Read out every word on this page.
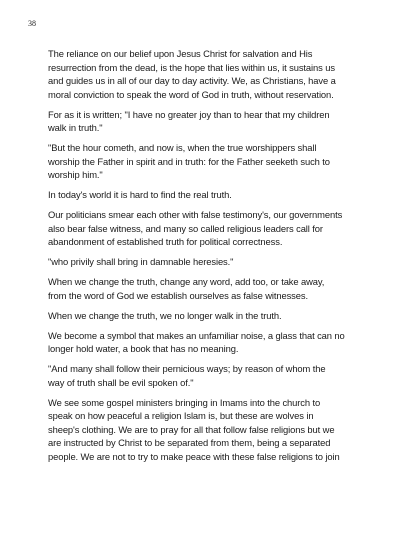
38

The reliance on our belief upon Jesus Christ for salvation and His
resurrection from the dead, is the hope that lies within us, it sustains us
and guides us in all of our day to day activity. We, as Christians, have a
moral conviction to speak the word of God in truth, without reservation.

For as it is written; "I have no greater joy than to hear that my children
walk in truth."

"But the hour cometh, and now is, when the true worshippers shall
worship the Father in spirit and in truth: for the Father seeketh such to
worship him."

In today's world it is hard to find the real truth.

Our politicians smear each other with false testimony's, our governments
also bear false witness, and many so called religious leaders call for
abandonment of established truth for political correctness.

"who privily shall bring in damnable heresies."

When we change the truth, change any word, add too, or take away,
from the word of God we establish ourselves as false witnesses.

When we change the truth, we no longer walk in the truth.

We become a symbol that makes an unfamiliar noise, a glass that can no
longer hold water, a book that has no meaning.

"And many shall follow their pernicious ways; by reason of whom the
way of truth shall be evil spoken of."

We see some gospel ministers bringing in Imams into the church to
speak on how peaceful a religion Islam is, but these are wolves in
sheep's clothing. We are to pray for all that follow false religions but we
are instructed by Christ to be separated from them, being a separated
people. We are not to try to make peace with these false religions to join
